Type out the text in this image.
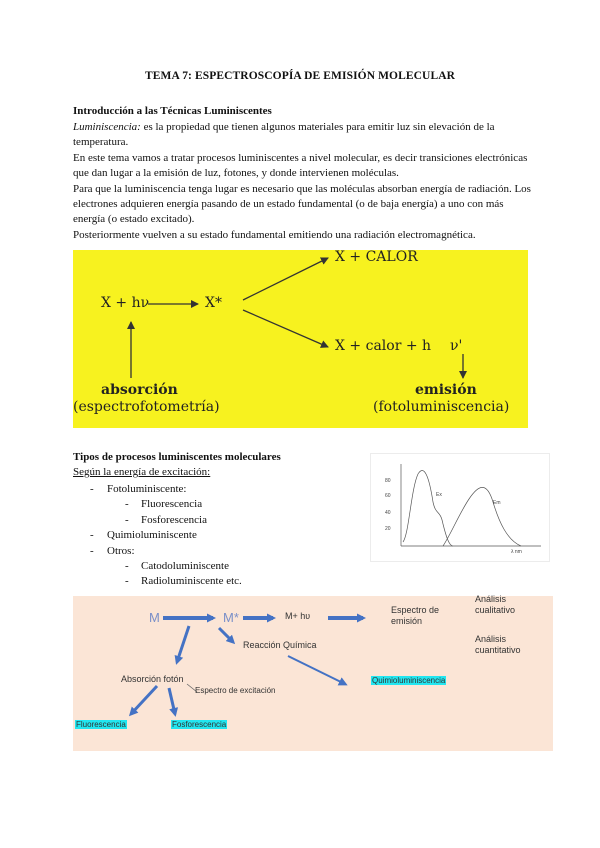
TEMA 7: ESPECTROSCOPÍA DE EMISIÓN MOLECULAR
Introducción a las Técnicas Luminiscentes
Luminiscencia: es la propiedad que tienen algunos materiales para emitir luz sin elevación de la temperatura.
En este tema vamos a tratar procesos luminiscentes a nivel molecular, es decir transiciones electrónicas que dan lugar a la emisión de luz, fotones, y donde intervienen moléculas.
Para que la luminiscencia tenga lugar es necesario que las moléculas absorban energía de radiación. Los electrones adquieren energía pasando de un estado fundamental (o de baja energía) a uno con más energía (o estado excitado).
Posteriormente vuelven a su estado fundamental emitiendo una radiación electromagnética.
X + hν	X*
X + CALOR
X + calor + h ν'
absorción
(espectrofotometría)
emisión
(fotoluminiscencia)
Tipos de procesos luminiscentes moleculares
Según la energía de excitación:
- Fotoluminiscente:
- Fluorescencia
- Fosforescencia
- Quimioluminiscente
- Otros:
- Catodoluminiscente
- Radioluminiscente etc.
80
60
40
20
Ex
Em
λ nm
M	M*	M+ hʋ
Espectro de
emisión
Análisis
cualitativo
Análisis
cuantitativo
Reacción Química
Absorción fotón
Espectro de excitación
Quimioluminiscencia
Fluorescencia	Fosforescencia
